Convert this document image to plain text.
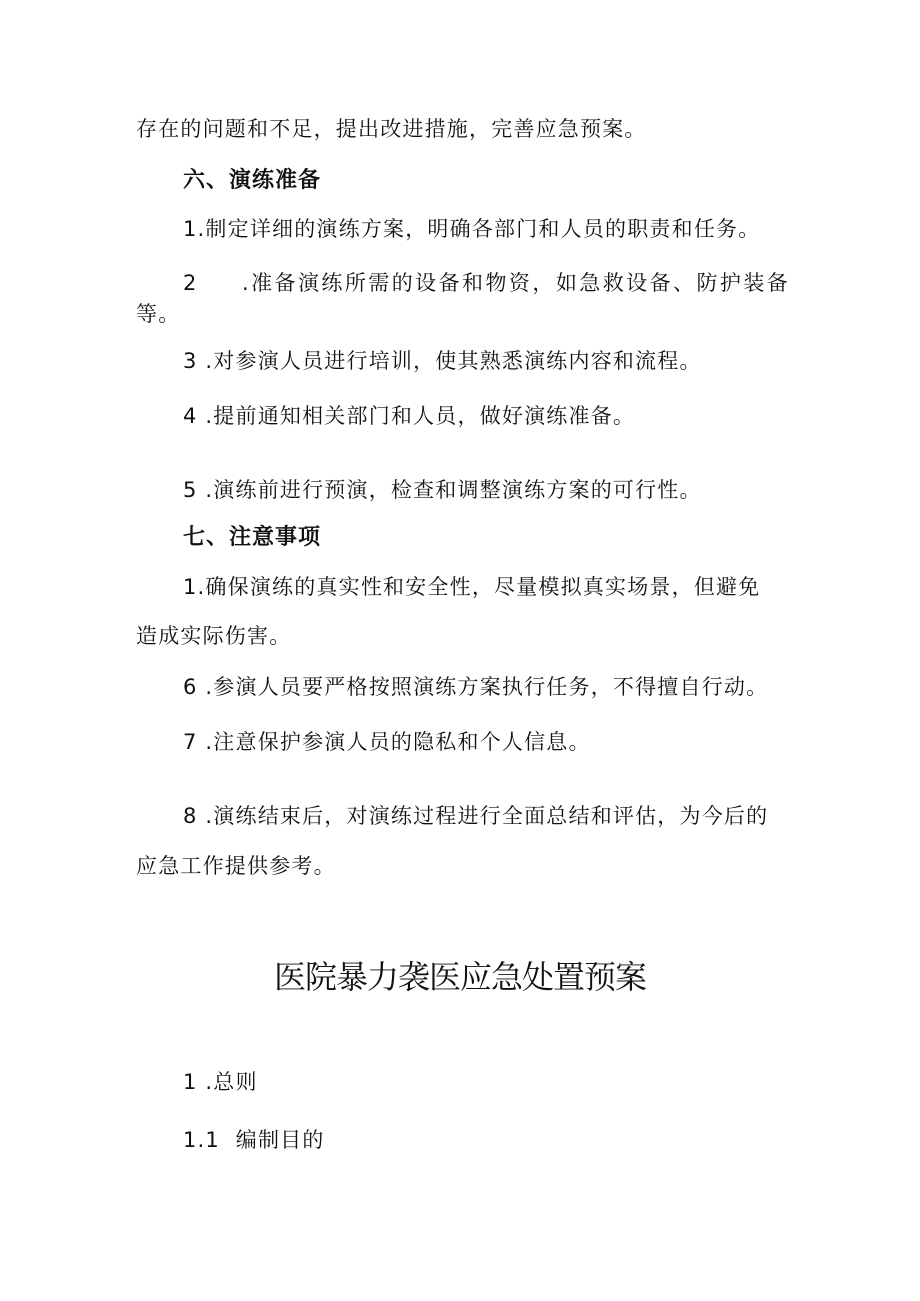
存在的问题和不足，提出改进措施，完善应急预案。

六、演练准备

1.制定详细的演练方案，明确各部门和人员的职责和任务。

2  .准备演练所需的设备和物资，如急救设备、防护装备

等。

3 .对参演人员进行培训，使其熟悉演练内容和流程。

4 .提前通知相关部门和人员，做好演练准备。

5 .演练前进行预演，检查和调整演练方案的可行性。

七、注意事项

1.确保演练的真实性和安全性，尽量模拟真实场景，但避免

造成实际伤害。

6 .参演人员要严格按照演练方案执行任务，不得擅自行动。

7 .注意保护参演人员的隐私和个人信息。

8 .演练结束后，对演练过程进行全面总结和评估，为今后的

应急工作提供参考。

医院暴力袭医应急处置预案

1 .总则

1.1  编制目的
